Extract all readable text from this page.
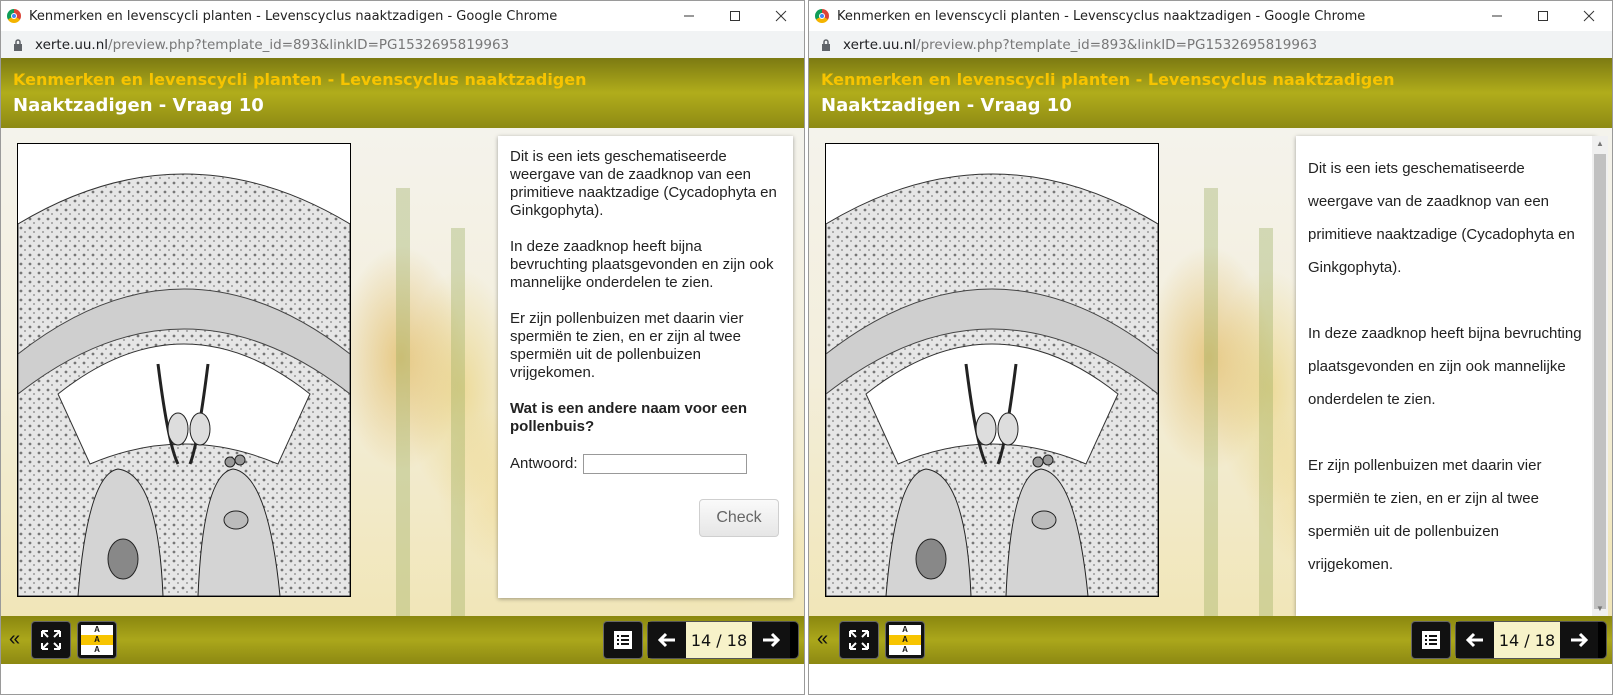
Kenmerken en levenscycli planten - Levenscyclus naaktzadigen - Google Chrome
xerte.uu.nl /preview.php?template_id=893&linkID=PG1532695819963
Kenmerken en levenscycli planten - Levenscyclus naaktzadigen
Naaktzadigen - Vraag 10

Dit is een iets geschematiseerde weergave van de zaadknop van een primitieve naaktzadige (Cycadophyta en Ginkgophyta).

In deze zaadknop heeft bijna bevruchting plaatsgevonden en zijn ook mannelijke onderdelen te zien.

Er zijn pollenbuizen met daarin vier spermiën te zien, en er zijn al twee spermiën uit de pollenbuizen vrijgekomen.

Wat is een andere naam voor een pollenbuis?

Antwoord:
Check
«	A
A
A	14 / 18
Kenmerken en levenscycli planten - Levenscyclus naaktzadigen - Google Chrome
xerte.uu.nl /preview.php?template_id=893&linkID=PG1532695819963
Kenmerken en levenscycli planten - Levenscyclus naaktzadigen
Naaktzadigen - Vraag 10

Dit is een iets geschematiseerde weergave van de zaadknop van een primitieve naaktzadige (Cycadophyta en Ginkgophyta).

In deze zaadknop heeft bijna bevruchting plaatsgevonden en zijn ook mannelijke onderdelen te zien.

Er zijn pollenbuizen met daarin vier spermiën te zien, en er zijn al twee spermiën uit de pollenbuizen vrijgekomen.

▲
▼
«	A
A
A	14 / 18
